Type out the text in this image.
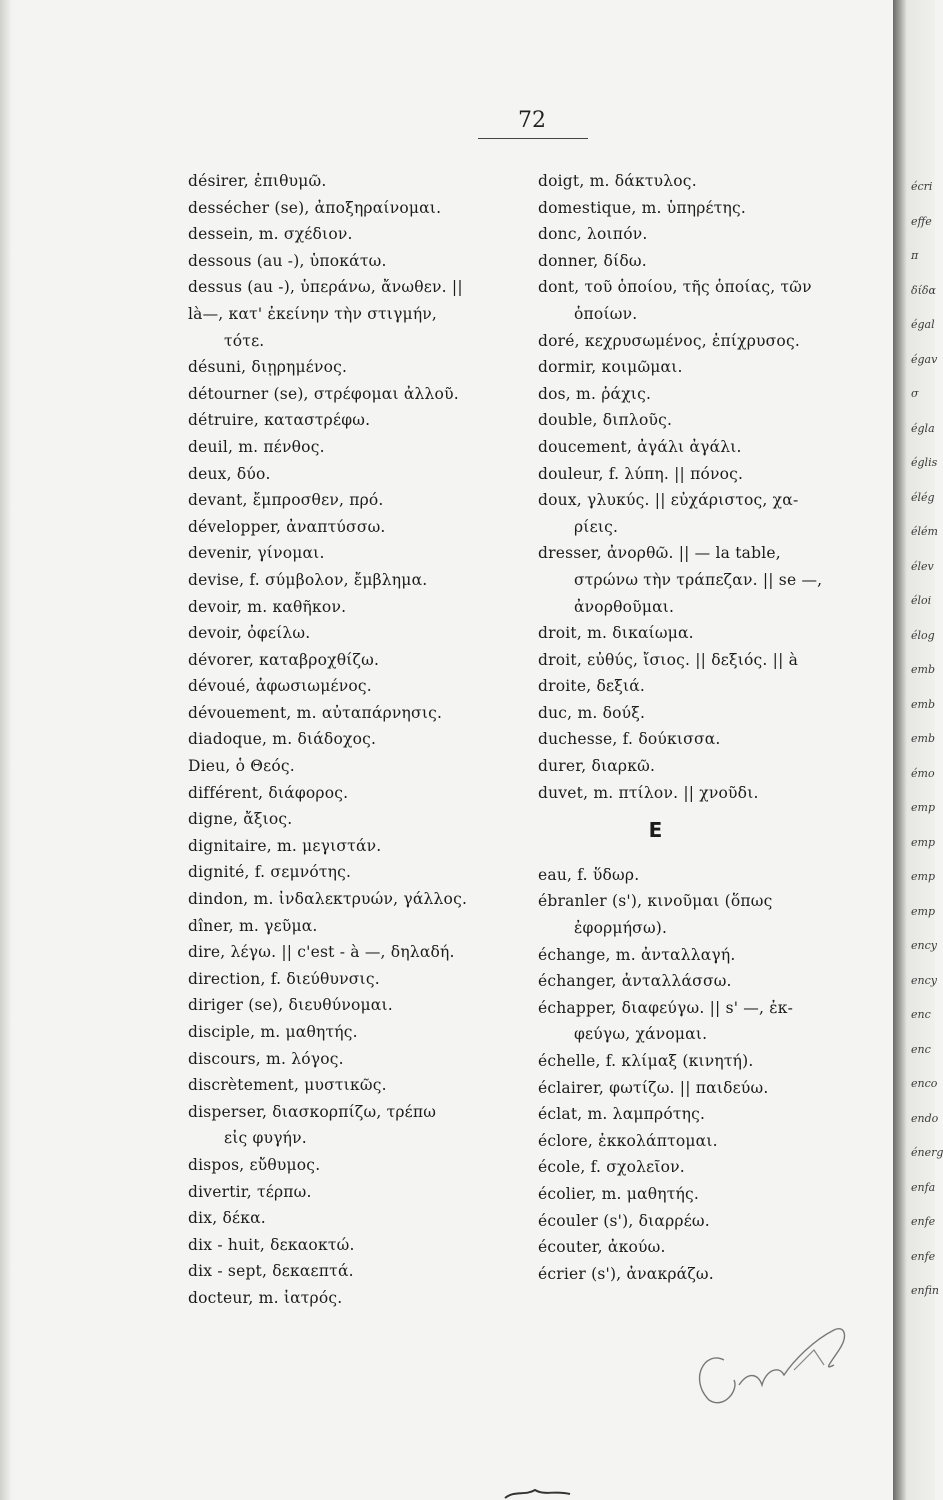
écri
effe
π
δίδα
égal
égav
σ
égla
églis
élég
élém
élev
éloi
élog
emb
emb
emb
émo
emp
emp
emp
emp
ency
ency
enc
enc
enco
endo
énerg
enfa
enfe
enfe
enfin
72

désirer, ἐπιθυμῶ.

dessécher (se), ἀποξηραίνομαι.

dessein, m. σχέδιον.

dessous (au -), ὑποκάτω.

dessus (au -), ὑπεράνω, ἄνωθεν. ||

là—, κατ' ἐκείνην τὴν στιγμήν,

τότε.

désuni, διῃρημένος.

détourner (se), στρέφομαι ἀλλοῦ.

détruire, καταστρέφω.

deuil, m. πένθος.

deux, δύο.

devant, ἔμπροσθεν, πρό.

développer, ἀναπτύσσω.

devenir, γίνομαι.

devise, f. σύμβολον, ἔμβλημα.

devoir, m. καθῆκον.

devoir, ὀφείλω.

dévorer, καταβροχθίζω.

dévoué, ἀφωσιωμένος.

dévouement, m. αὐταπάρνησις.

diadoque, m. διάδοχος.

Dieu, ὁ Θεός.

différent, διάφορος.

digne, ἄξιος.

dignitaire, m. μεγιστάν.

dignité, f. σεμνότης.

dindon, m. ἰνδαλεκτρυών, γάλλος.

dîner, m. γεῦμα.

dire, λέγω. || c'est - à —, δηλαδή.

direction, f. διεύθυνσις.

diriger (se), διευθύνομαι.

disciple, m. μαθητής.

discours, m. λόγος.

discrètement, μυστικῶς.

disperser, διασκορπίζω, τρέπω

εἰς φυγήν.

dispos, εὔθυμος.

divertir, τέρπω.

dix, δέκα.

dix - huit, δεκαοκτώ.

dix - sept, δεκαεπτά.

docteur, m. ἰατρός.

doigt, m. δάκτυλος.

domestique, m. ὑπηρέτης.

donc, λοιπόν.

donner, δίδω.

dont, τοῦ ὁποίου, τῆς ὁποίας, τῶν

ὁποίων.

doré, κεχρυσωμένος, ἐπίχρυσος.

dormir, κοιμῶμαι.

dos, m. ῥάχις.

double, διπλοῦς.

doucement, ἀγάλι ἀγάλι.

douleur, f. λύπη. || πόνος.

doux, γλυκύς. || εὐχάριστος, χα-

ρίεις.

dresser, ἀνορθῶ. || — la table,

στρώνω τὴν τράπεζαν. || se —,

ἀνορθοῦμαι.

droit, m. δικαίωμα.

droit, εὐθύς, ἴσιος. || δεξιός. || à

droite, δεξιά.

duc, m. δούξ.

duchesse, f. δούκισσα.

durer, διαρκῶ.

duvet, m. πτίλον. || χνοῦδι.

E

eau, f. ὕδωρ.

ébranler (s'), κινοῦμαι (ὅπως

ἐφορμήσω).

échange, m. ἀνταλλαγή.

échanger, ἀνταλλάσσω.

échapper, διαφεύγω. || s' —, ἐκ-

φεύγω, χάνομαι.

échelle, f. κλίμαξ (κινητή).

éclairer, φωτίζω. || παιδεύω.

éclat, m. λαμπρότης.

éclore, ἐκκολάπτομαι.

école, f. σχολεῖον.

écolier, m. μαθητής.

écouler (s'), διαρρέω.

écouter, ἀκούω.

écrier (s'), ἀνακράζω.
